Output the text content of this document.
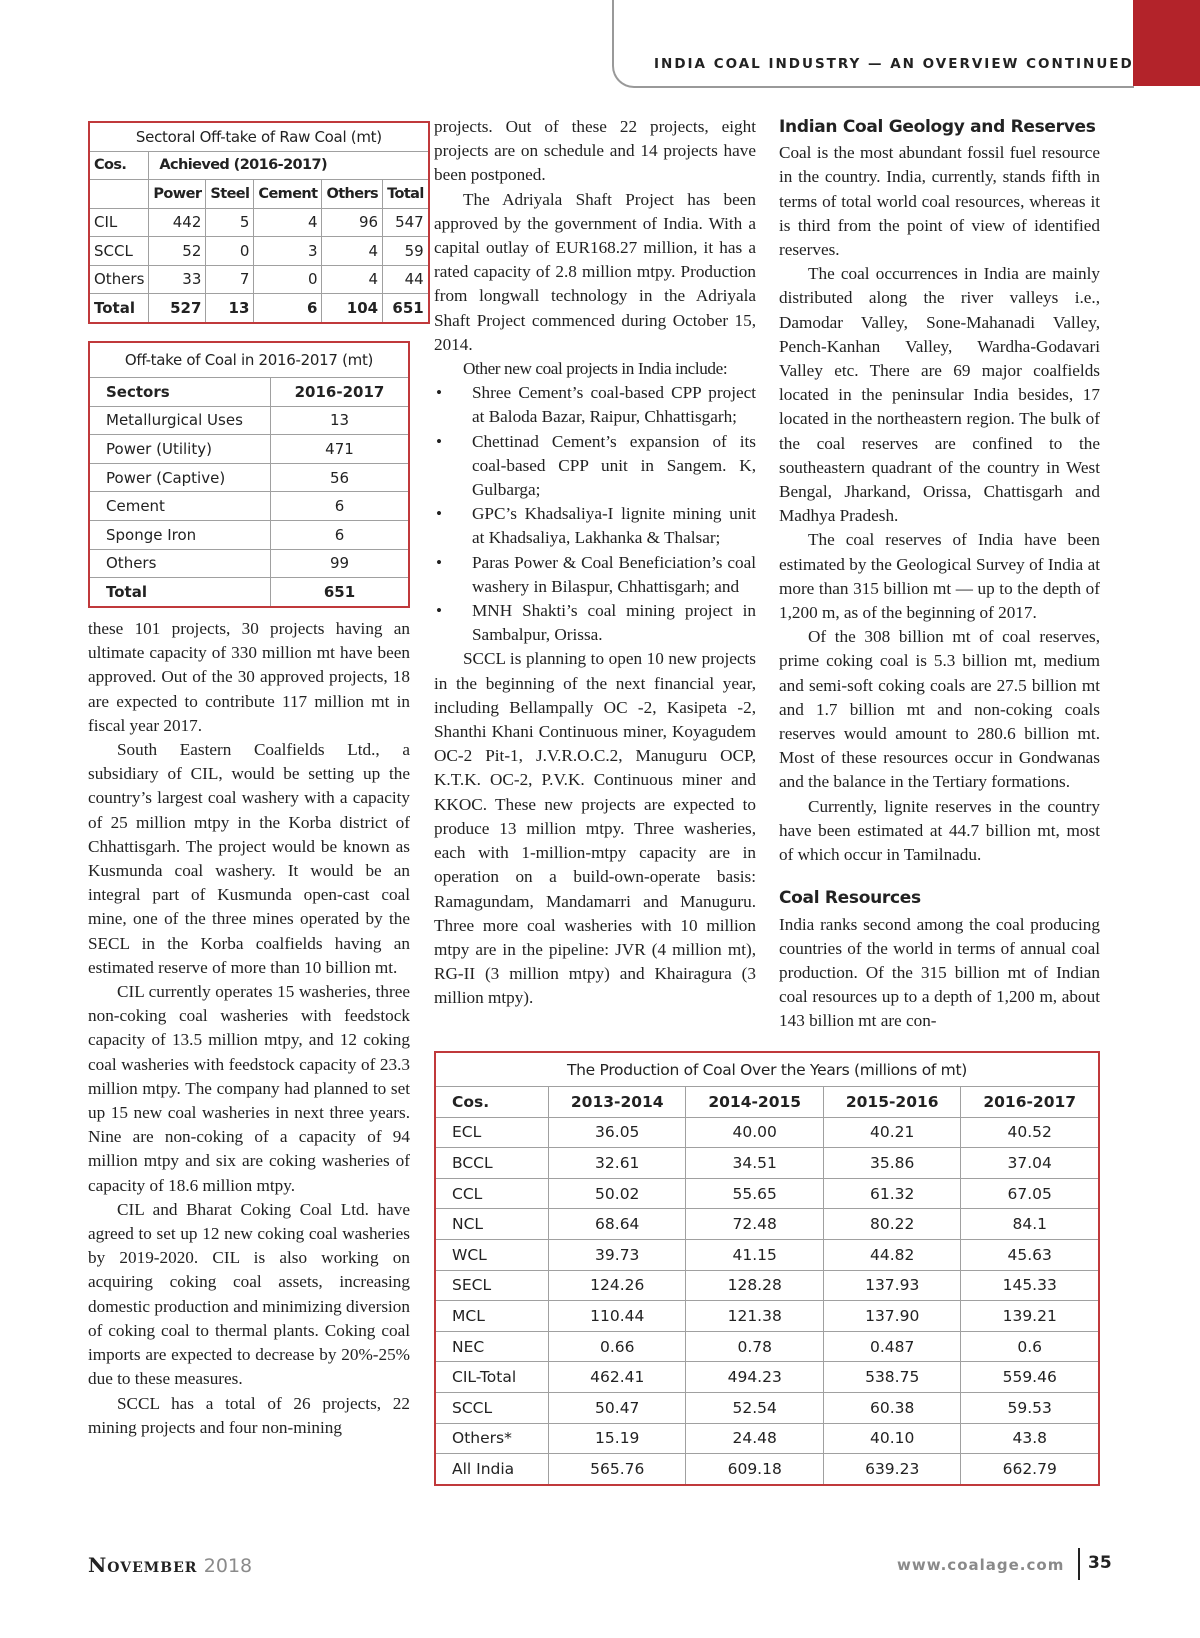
INDIA COAL INDUSTRY — AN OVERVIEW CONTINUED
Sectoral Off-take of Raw Coal (mt)					
Cos.	Achieved (2016-2017)				
	Power	Steel	Cement	Others	Total
CIL	442	5	4	96	547
SCCL	52	0	3	4	59
Others	33	7	0	4	44
Total	527	13	6	104	651
Off-take of Coal in 2016-2017 (mt)	
Sectors	2016-2017
Metallurgical Uses	13
Power (Utility)	471
Power (Captive)	56
Cement	6
Sponge Iron	6
Others	99
Total	651

these 101 projects, 30 projects having an ultimate capacity of 330 million mt have been approved. Out of the 30 approved projects, 18 are expected to contribute 117 million mt in fiscal year 2017.

South Eastern Coalfields Ltd., a subsidiary of CIL, would be setting up the country’s largest coal washery with a capacity of 25 million mtpy in the Korba district of Chhattisgarh. The project would be known as Kusmunda coal washery. It would be an integral part of Kusmunda open-cast coal mine, one of the three mines operated by the SECL in the Korba coalfields having an estimated reserve of more than 10 billion mt.

CIL currently operates 15 washeries, three non-coking coal washeries with feedstock capacity of 13.5 million mtpy, and 12 coking coal washeries with feedstock capacity of 23.3 million mtpy. The company had planned to set up 15 new coal washeries in next three years. Nine are non-coking of a capacity of 94 million mtpy and six are coking washeries of capacity of 18.6 million mtpy.

CIL and Bharat Coking Coal Ltd. have agreed to set up 12 new coking coal washeries by 2019-2020. CIL is also working on acquiring coking coal assets, increasing domestic production and minimizing diversion of coking coal to thermal plants. Coking coal imports are expected to decrease by 20%-25% due to these measures.

SCCL has a total of 26 projects, 22 mining projects and four non-mining

projects. Out of these 22 projects, eight projects are on schedule and 14 projects have been postponed.

The Adriyala Shaft Project has been approved by the government of India. With a capital outlay of EUR168.27 million, it has a rated capacity of 2.8 million mtpy. Production from longwall technology in the Adriyala Shaft Project commenced during October 15, 2014.

Other new coal projects in India include:

• Shree Cement’s coal-based CPP project at Baloda Bazar, Raipur, Chhattisgarh;
• Chettinad Cement’s expansion of its coal-based CPP unit in Sangem. K, Gulbarga;
• GPC’s Khadsaliya-I lignite mining unit at Khadsaliya, Lakhanka & Thalsar;
• Paras Power & Coal Beneficiation’s coal washery in Bilaspur, Chhattisgarh; and
• MNH Shakti’s coal mining project in Sambalpur, Orissa.

SCCL is planning to open 10 new projects in the beginning of the next financial year, including Bellampally OC -2, Kasipeta -2, Shanthi Khani Continuous miner, Koyagudem OC-2 Pit-1, J.V.R.O.C.2, Manuguru OCP, K.T.K. OC-2, P.V.K. Continuous miner and KKOC. These new projects are expected to produce 13 million mtpy. Three washeries, each with 1-million-mtpy capacity are in operation on a build-own-operate basis: Ramagundam, Mandamarri and Manuguru. Three more coal washeries with 10 million mtpy are in the pipeline: JVR (4 million mt), RG-II (3 million mtpy) and Khairagura (3 million mtpy).

Indian Coal Geology and Reserves

Coal is the most abundant fossil fuel resource in the country. India, currently, stands fifth in terms of total world coal resources, whereas it is third from the point of view of identified reserves.

The coal occurrences in India are mainly distributed along the river valleys i.e., Damodar Valley, Sone-Mahanadi Valley, Pench-Kanhan Valley, Wardha-Godavari Valley etc. There are 69 major coalfields located in the peninsular India besides, 17 located in the northeastern region. The bulk of the coal reserves are confined to the southeastern quadrant of the country in West Bengal, Jharkand, Orissa, Chattisgarh and Madhya Pradesh.

The coal reserves of India have been estimated by the Geological Survey of India at more than 315 billion mt — up to the depth of 1,200 m, as of the beginning of 2017.

Of the 308 billion mt of coal reserves, prime coking coal is 5.3 billion mt, medium and semi-soft coking coals are 27.5 billion mt and 1.7 billion mt and non-coking coals reserves would amount to 280.6 billion mt. Most of these resources occur in Gondwanas and the balance in the Tertiary formations.

Currently, lignite reserves in the country have been estimated at 44.7 billion mt, most of which occur in Tamilnadu.

Coal Resources

India ranks second among the coal producing countries of the world in terms of annual coal production. Of the 315 billion mt of Indian coal resources up to a depth of 1,200 m, about 143 billion mt are con-

The Production of Coal Over the Years (millions of mt)				
Cos.	2013-2014	2014-2015	2015-2016	2016-2017
ECL	36.05	40.00	40.21	40.52
BCCL	32.61	34.51	35.86	37.04
CCL	50.02	55.65	61.32	67.05
NCL	68.64	72.48	80.22	84.1
WCL	39.73	41.15	44.82	45.63
SECL	124.26	128.28	137.93	145.33
MCL	110.44	121.38	137.90	139.21
NEC	0.66	0.78	0.487	0.6
CIL-Total	462.41	494.23	538.75	559.46
SCCL	50.47	52.54	60.38	59.53
Others*	15.19	24.48	40.10	43.8
All India	565.76	609.18	639.23	662.79
November 2018	www.coalage.com 35
